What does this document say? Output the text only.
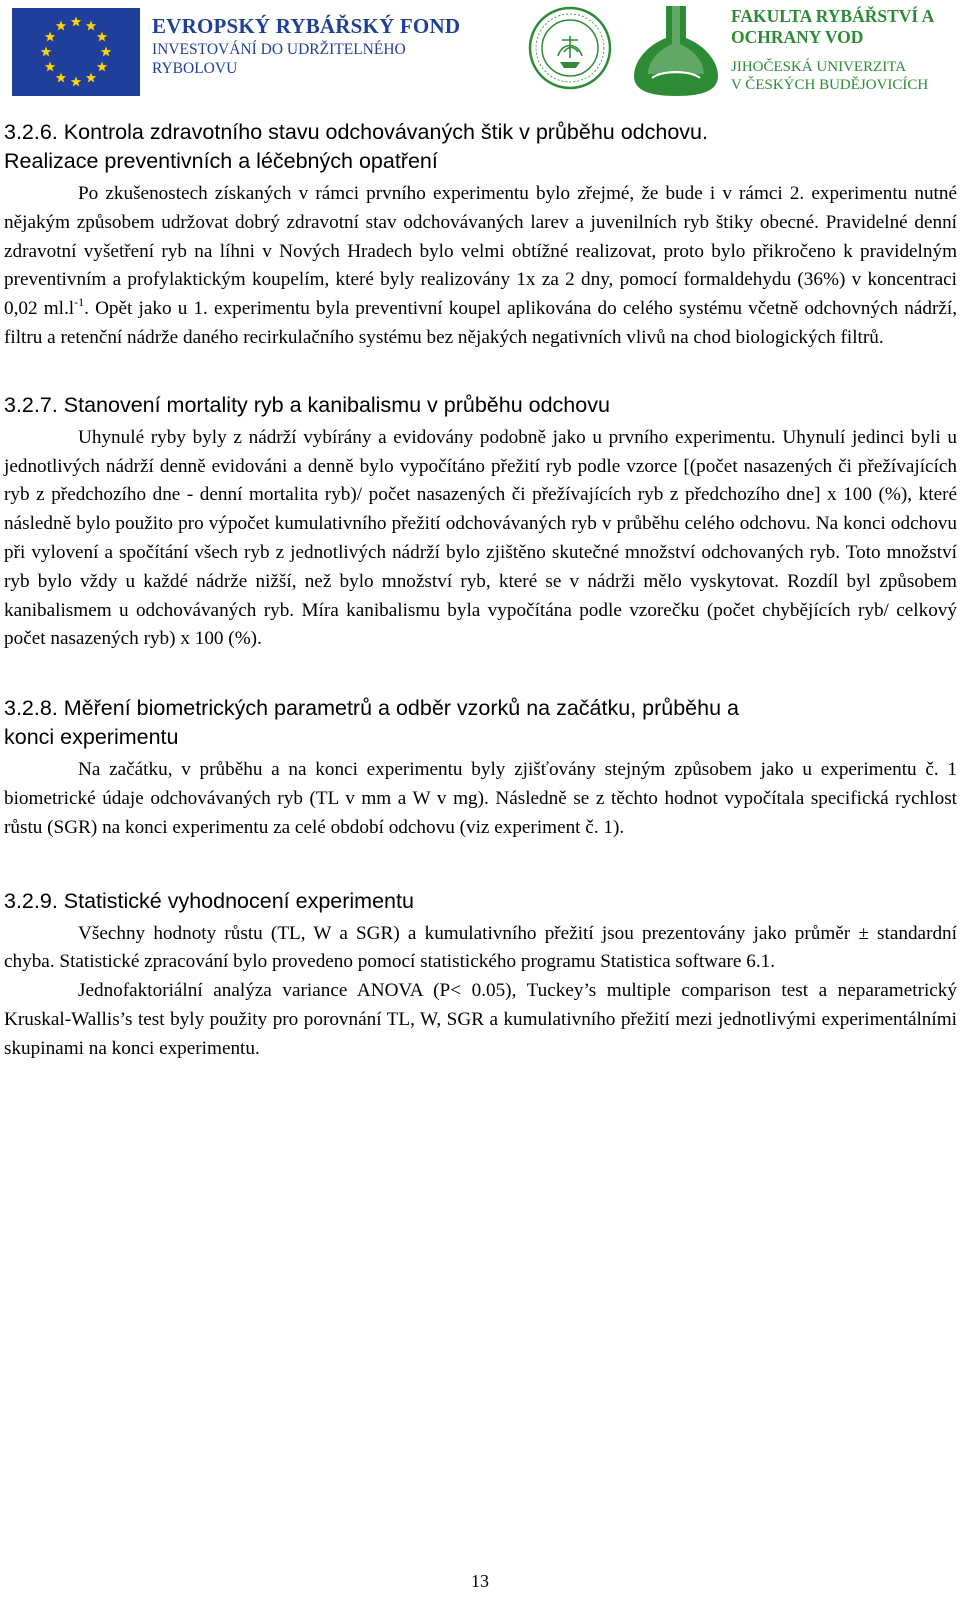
EVROPSKÝ RYBÁŘSKÝ FOND
INVESTOVÁNÍ DO UDRŽITELNÉHO
RYBOLOVU
FAKULTA RYBÁŘSTVÍ A
OCHRANY VOD
JIHOČESKÁ UNIVERZITA
V ČESKÝCH BUDĚJOVICÍCH
3.2.6. Kontrola zdravotního stavu odchovávaných štik v průběhu odchovu.
Realizace preventivních a léčebných opatření

Po zkušenostech získaných v rámci prvního experimentu bylo zřejmé, že bude i v rámci 2. experimentu nutné nějakým způsobem udržovat dobrý zdravotní stav odchovávaných larev a juvenilních ryb štiky obecné. Pravidelné denní zdravotní vyšetření ryb na líhni v Nových Hradech bylo velmi obtížné realizovat, proto bylo přikročeno k pravidelným preventivním a profylaktickým koupelím, které byly realizovány 1x za 2 dny, pomocí formaldehydu (36%) v koncentraci 0,02 $ml.l^{-1}$. Opět jako u 1. experimentu byla preventivní koupel aplikována do celého systému včetně odchovných nádrží, filtru a retenční nádrže daného recirkulačního systému bez nějakých negativních vlivů na chod biologických filtrů.

3.2.7. Stanovení mortality ryb a kanibalismu v průběhu odchovu

Uhynulé ryby byly z nádrží vybírány a evidovány podobně jako u prvního experimentu. Uhynulí jedinci byli u jednotlivých nádrží denně evidováni a denně bylo vypočítáno přežití ryb podle vzorce [(počet nasazených či přežívajících ryb z předchozího dne - denní mortalita ryb)/ počet nasazených či přežívajících ryb z předchozího dne] x 100 (%), které následně bylo použito pro výpočet kumulativního přežití odchovávaných ryb v průběhu celého odchovu. Na konci odchovu při vylovení a spočítání všech ryb z jednotlivých nádrží bylo zjištěno skutečné množství odchovaných ryb. Toto množství ryb bylo vždy u každé nádrže nižší, než bylo množství ryb, které se v nádrži mělo vyskytovat. Rozdíl byl způsobem kanibalismem u odchovávaných ryb. Míra kanibalismu byla vypočítána podle vzorečku (počet chybějících ryb/ celkový počet nasazených ryb) x 100 (%).

3.2.8. Měření biometrických parametrů a odběr vzorků na začátku, průběhu a
konci experimentu

Na začátku, v průběhu a na konci experimentu byly zjišťovány stejným způsobem jako u experimentu č. 1 biometrické údaje odchovávaných ryb (TL v mm a W v mg). Následně se z těchto hodnot vypočítala specifická rychlost růstu (SGR) na konci experimentu za celé období odchovu (viz experiment č. 1).

3.2.9. Statistické vyhodnocení experimentu

Všechny hodnoty růstu (TL, W a SGR) a kumulativního přežití jsou prezentovány jako průměr ± standardní chyba. Statistické zpracování bylo provedeno pomocí statistického programu Statistica software 6.1.

Jednofaktoriální analýza variance ANOVA (P< 0.05), Tuckey’s multiple comparison test a neparametrický Kruskal-Wallis’s test byly použity pro porovnání TL, W, SGR a kumulativního přežití mezi jednotlivými experimentálními skupinami na konci experimentu.

13
